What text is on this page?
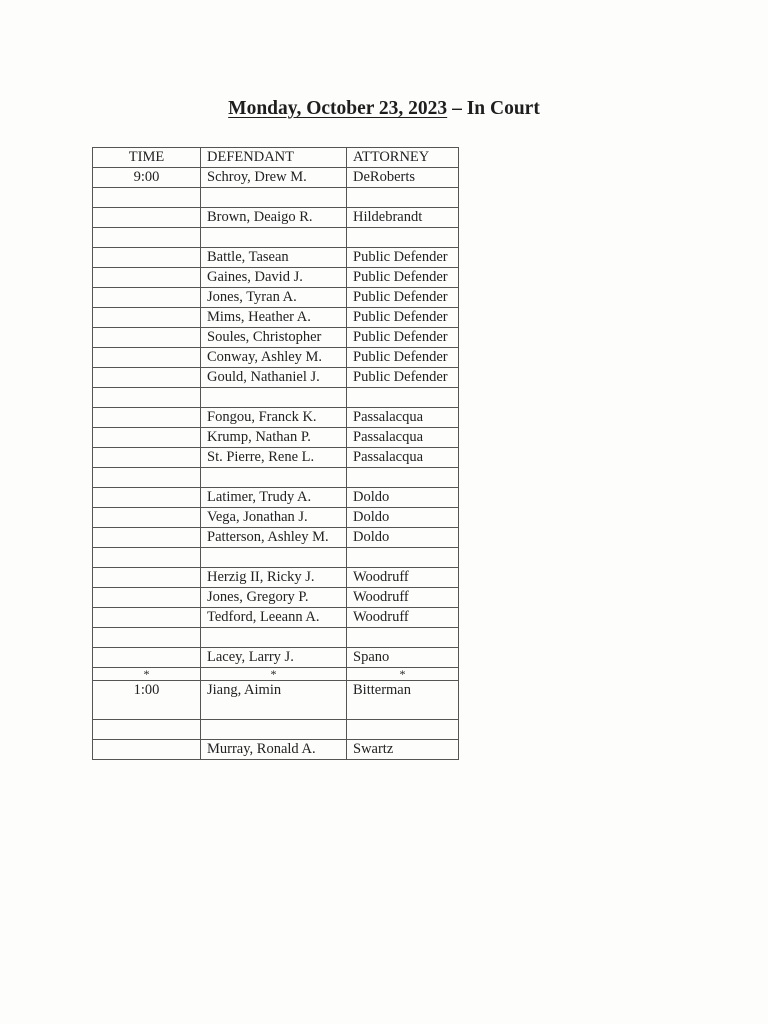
Monday, October 23, 2023 – In Court
TIME	DEFENDANT	ATTORNEY
9:00	Schroy, Drew M.	DeRoberts

	Brown, Deaigo R.	Hildebrandt

	Battle, Tasean	Public Defender
	Gaines, David J.	Public Defender
	Jones, Tyran A.	Public Defender
	Mims, Heather A.	Public Defender
	Soules, Christopher	Public Defender
	Conway, Ashley M.	Public Defender
	Gould, Nathaniel J.	Public Defender

	Fongou, Franck K.	Passalacqua
	Krump, Nathan P.	Passalacqua
	St. Pierre, Rene L.	Passalacqua

	Latimer, Trudy A.	Doldo
	Vega, Jonathan J.	Doldo
	Patterson, Ashley M.	Doldo

	Herzig II, Ricky J.	Woodruff
	Jones, Gregory P.	Woodruff
	Tedford, Leeann A.	Woodruff

	Lacey, Larry J.	Spano
*	*	*
1:00	Jiang, Aimin	Bitterman

	Murray, Ronald A.	Swartz
